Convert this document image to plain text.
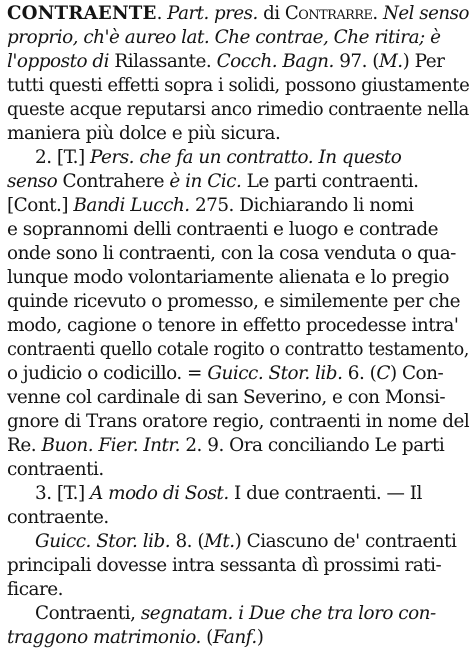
CONTRAENTE. Part. pres. di Contrarre. Nel senso
proprio, ch'è aureo lat. Che contrae, Che ritira; è
l'opposto di Rilassante. Cocch. Bagn. 97. (M.) Per
tutti questi effetti sopra i solidi, possono giustamente
queste acque reputarsi anco rimedio contraente nella
maniera più dolce e più sicura.
2. [T.] Pers. che fa un contratto. In questo
senso Contrahere è in Cic. Le parti contraenti.
[Cont.] Bandi Lucch. 275. Dichiarando li nomi
e soprannomi delli contraenti e luogo e contrade
onde sono li contraenti, con la cosa venduta o qua-
lunque modo volontariamente alienata e lo pregio
quinde ricevuto o promesso, e similemente per che
modo, cagione o tenore in effetto procedesse intra'
contraenti quello cotale rogito o contratto testamento,
o judicio o codicillo. = Guicc. Stor. lib. 6. (C) Con-
venne col cardinale di san Severino, e con Monsi-
gnore di Trans oratore regio, contraenti in nome del
Re. Buon. Fier. Intr. 2. 9. Ora conciliando Le parti
contraenti.
3. [T.] A modo di Sost. I due contraenti. — Il
contraente.
Guicc. Stor. lib. 8. (Mt.) Ciascuno de' contraenti
principali dovesse intra sessanta dì prossimi rati-
ficare.
Contraenti, segnatam. i Due che tra loro con-
traggono matrimonio. (Fanf.)
